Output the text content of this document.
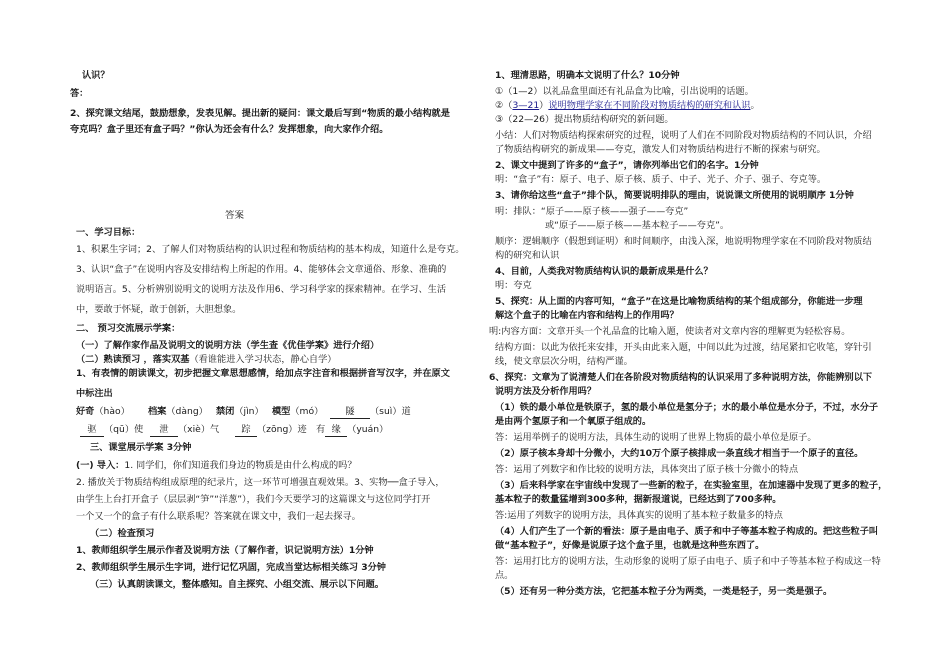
认识？
答：
2、探究课文结尾，鼓励想象，发表见解。提出新的疑问：课文最后写到“物质的最小结构就是
夸克吗？盒子里还有盒子吗？”你认为还会有什么？发挥想象，向大家作介绍。
答案
一、学习目标：
1、积累生字词；2、了解人们对物质结构的认识过程和物质结构的基本构成，知道什么是夸克。
3、认识“盒子”在说明内容及安排结构上所起的作用。4、能够体会文章通俗、形象、准确的
说明语言。5、分析辨别说明文的说明方法及作用6、学习科学家的探索精神。在学习、生活
中，要敢于怀疑，敢于创新，大胆想象。
二、 预习交流展示学案：
（一）了解作家作品及说明文的说明方法（学生查《优佳学案》进行介绍）
（二）熟读预习 ，落实双基（看谁能进入学习状态，静心自学）
1、有表情的朗读课文，初步把握文章思想感情，给加点字注音和根据拼音写汉字，并在原文
中标注出
好奇（hào） 档案（dàng） 禁闭（jìn） 模型（mó）	隧 （suì）道
驱 （qū）使	泄 （xiè）气	踪 （zōng）迹 有 缘 （yuán）
三、课堂展示学案 3分钟
(一) 导入：1. 同学们，你们知道我们身边的物质是由什么构成的吗？
2. 播放关于物质结构组成原理的纪录片，这一环节可增强直观效果。3、实物──盒子导入，
由学生上台打开盒子（层层剥“笋”“洋葱”），我们今天要学习的这篇课文与这位同学打开
一个又一个的盒子有什么联系呢？答案就在课文中，我们一起去探寻。
（二）检查预习
1、教师组织学生展示作者及说明方法（了解作者，识记说明方法）1分钟
2、教师组织学生展示生字词，进行记忆巩固，完成当堂达标相关练习 3分钟
（三）认真朗读课文，整体感知。自主探究、小组交流、展示以下问题。
1、理清思路，明确本文说明了什么？10分钟
①（1—2）以礼品盒里面还有礼品盒为比喻，引出说明的话题。
②（3—21）说明物理学家在不同阶段对物质结构的研究和认识。
③（22—26）提出物质结构研究的新问题。
小结：人们对物质结构探索研究的过程，说明了人们在不同阶段对物质结构的不同认识，介绍
了物质结构研究的新成果——夸克，激发人们对物质结构进行不断的探索与研究。
2、课文中提到了许多的“盒子”，请你列举出它们的名字。1分钟
明：“盒子”有：原子、电子、原子核、质子、中子、光子、介子、强子、夸克等。
3、请你给这些“盒子”排个队，简要说明排队的理由，说说课文所使用的说明顺序 1分钟
明：排队：“原子——原子核——强子——夸克”
或“原子——原子核——基本粒子——夸克”。
顺序：逻辑顺序（假想到证明）和时间顺序，由浅入深，地说明物理学家在不同阶段对物质结
构的研究和认识
4、目前，人类我对物质结构认识的最新成果是什么？
明：夸克
5、探究：从上面的内容可知，“盒子”在这是比喻物质结构的某个组成部分，你能进一步理
解这个盒子的比喻在内容和结构上的作用吗？
明:内容方面：文章开头一个礼品盒的比喻入题，使读者对文章内容的理解更为轻松容易。
结构方面：以此为依托来安排，开头由此来入题，中间以此为过渡，结尾紧扣它收笔，穿针引
线，使文章层次分明，结构严谨。
6、探究：文章为了说清楚人们在各阶段对物质结构的认识采用了多种说明方法，你能辨别以下
说明方法及分析作用吗？
（1）铁的最小单位是铁原子，氢的最小单位是氢分子；水的最小单位是水分子，不过，水分子
是由两个氢原子和一个氧原子组成的。
答：运用举例子的说明方法，具体生动的说明了世界上物质的最小单位是原子。
（2）原子核本身却十分微小，大约10万个原子核排成一条直线才相当于一个原子的直径。
答：运用了列数字和作比较的说明方法，具体突出了原子核十分微小的特点
（3）后来科学家在宇宙线中发现了一些新的粒子，在实验室里，在加速器中发现了更多的粒子，
基本粒子的数量猛增到300多种，据新报道说，已经达到了700多种。
答:运用了列数字的说明方法，具体真实的说明了基本粒子数量多的特点
（4）人们产生了一个新的看法：原子是由电子、质子和中子等基本粒子构成的。把这些粒子叫
做“基本粒子”，好像是说原子这个盒子里，也就是这种些东西了。
答：运用打比方的说明方法，生动形象的说明了原子由电子、质子和中子等基本粒子构成这一特
点。
（5）还有另一种分类方法，它把基本粒子分为两类，一类是轻子，另一类是强子。
